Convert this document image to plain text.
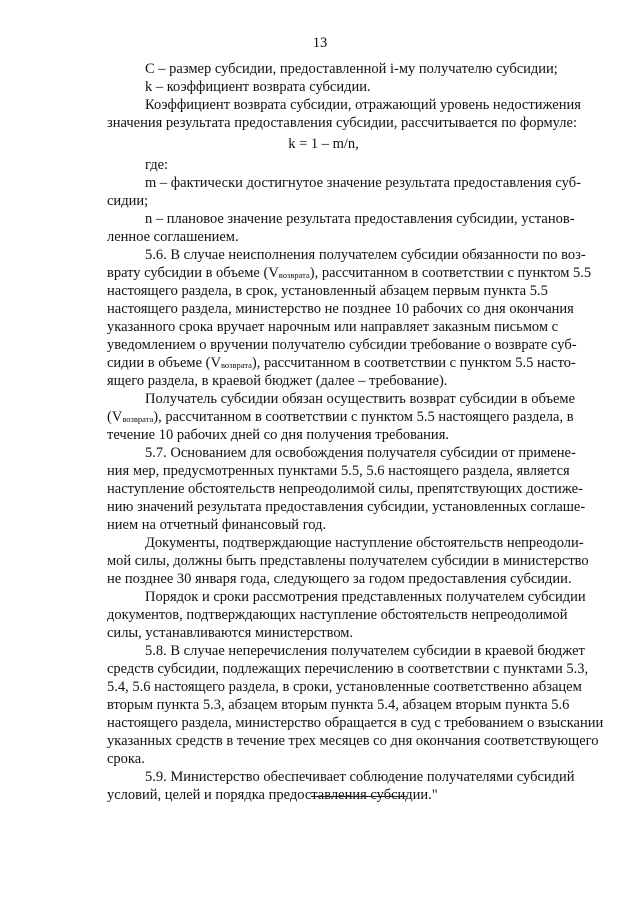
13
С – размер субсидии, предоставленной i-му получателю субсидии;
k – коэффициент возврата субсидии.
Коэффициент возврата субсидии, отражающий уровень недостижения
значения результата предоставления субсидии, рассчитывается по формуле:
k = 1 – m/n,
где:
m – фактически достигнутое значение результата предоставления суб-
сидии;
n – плановое значение результата предоставления субсидии, установ-
ленное соглашением.
5.6. В случае неисполнения получателем субсидии обязанности по воз-
врату субсидии в объеме (Vвозврата), рассчитанном в соответствии с пунктом 5.5
настоящего раздела, в срок, установленный абзацем первым пункта 5.5
настоящего раздела, министерство не позднее 10 рабочих со дня окончания
указанного срока вручает нарочным или направляет заказным письмом с
уведомлением о вручении получателю субсидии требование о возврате суб-
сидии в объеме (Vвозврата), рассчитанном в соответствии с пунктом 5.5 насто-
ящего раздела, в краевой бюджет (далее – требование).
Получатель субсидии обязан осуществить возврат субсидии в объеме
(Vвозврата), рассчитанном в соответствии с пунктом 5.5 настоящего раздела, в
течение 10 рабочих дней со дня получения требования.
5.7. Основанием для освобождения получателя субсидии от примене-
ния мер, предусмотренных пунктами 5.5, 5.6 настоящего раздела, является
наступление обстоятельств непреодолимой силы, препятствующих достиже-
нию значений результата предоставления субсидии, установленных соглаше-
нием на отчетный финансовый год.
Документы, подтверждающие наступление обстоятельств непреодоли-
мой силы, должны быть представлены получателем субсидии в министерство
не позднее 30 января года, следующего за годом предоставления субсидии.
Порядок и сроки рассмотрения представленных получателем субсидии
документов, подтверждающих наступление обстоятельств непреодолимой
силы, устанавливаются министерством.
5.8. В случае неперечисления получателем субсидии в краевой бюджет
средств субсидии, подлежащих перечислению в соответствии с пунктами 5.3,
5.4, 5.6 настоящего раздела, в сроки, установленные соответственно абзацем
вторым пункта 5.3, абзацем вторым пункта 5.4, абзацем вторым пункта 5.6
настоящего раздела, министерство обращается в суд с требованием о взыскании
указанных средств в течение трех месяцев со дня окончания соответствующего
срока.
5.9. Министерство обеспечивает соблюдение получателями субсидий
условий, целей и порядка предоставления субсидии."
